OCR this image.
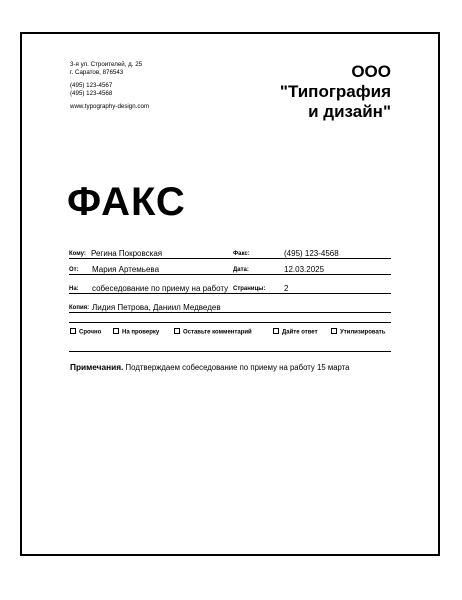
3-я ул. Строителей, д. 25
г. Саратов, 876543
(495) 123-4567
(495) 123-4568
www.typography-design.com
ООО
"Типография
и дизайн"
ФАКС
Кому: Регина Покровская	Факс:	(495) 123-4568
От: Мария Артемьева	Дата:	12.03.2025
На: собеседование по приему на работу Страницы: 2
Копия: Лидия Петрова, Даниил Медведев
Срочно	На проверку	Оставьте комментарий	Дайте ответ	Утилизировать
Примечания. Подтверждаем собеседование по приему на работу 15 марта
